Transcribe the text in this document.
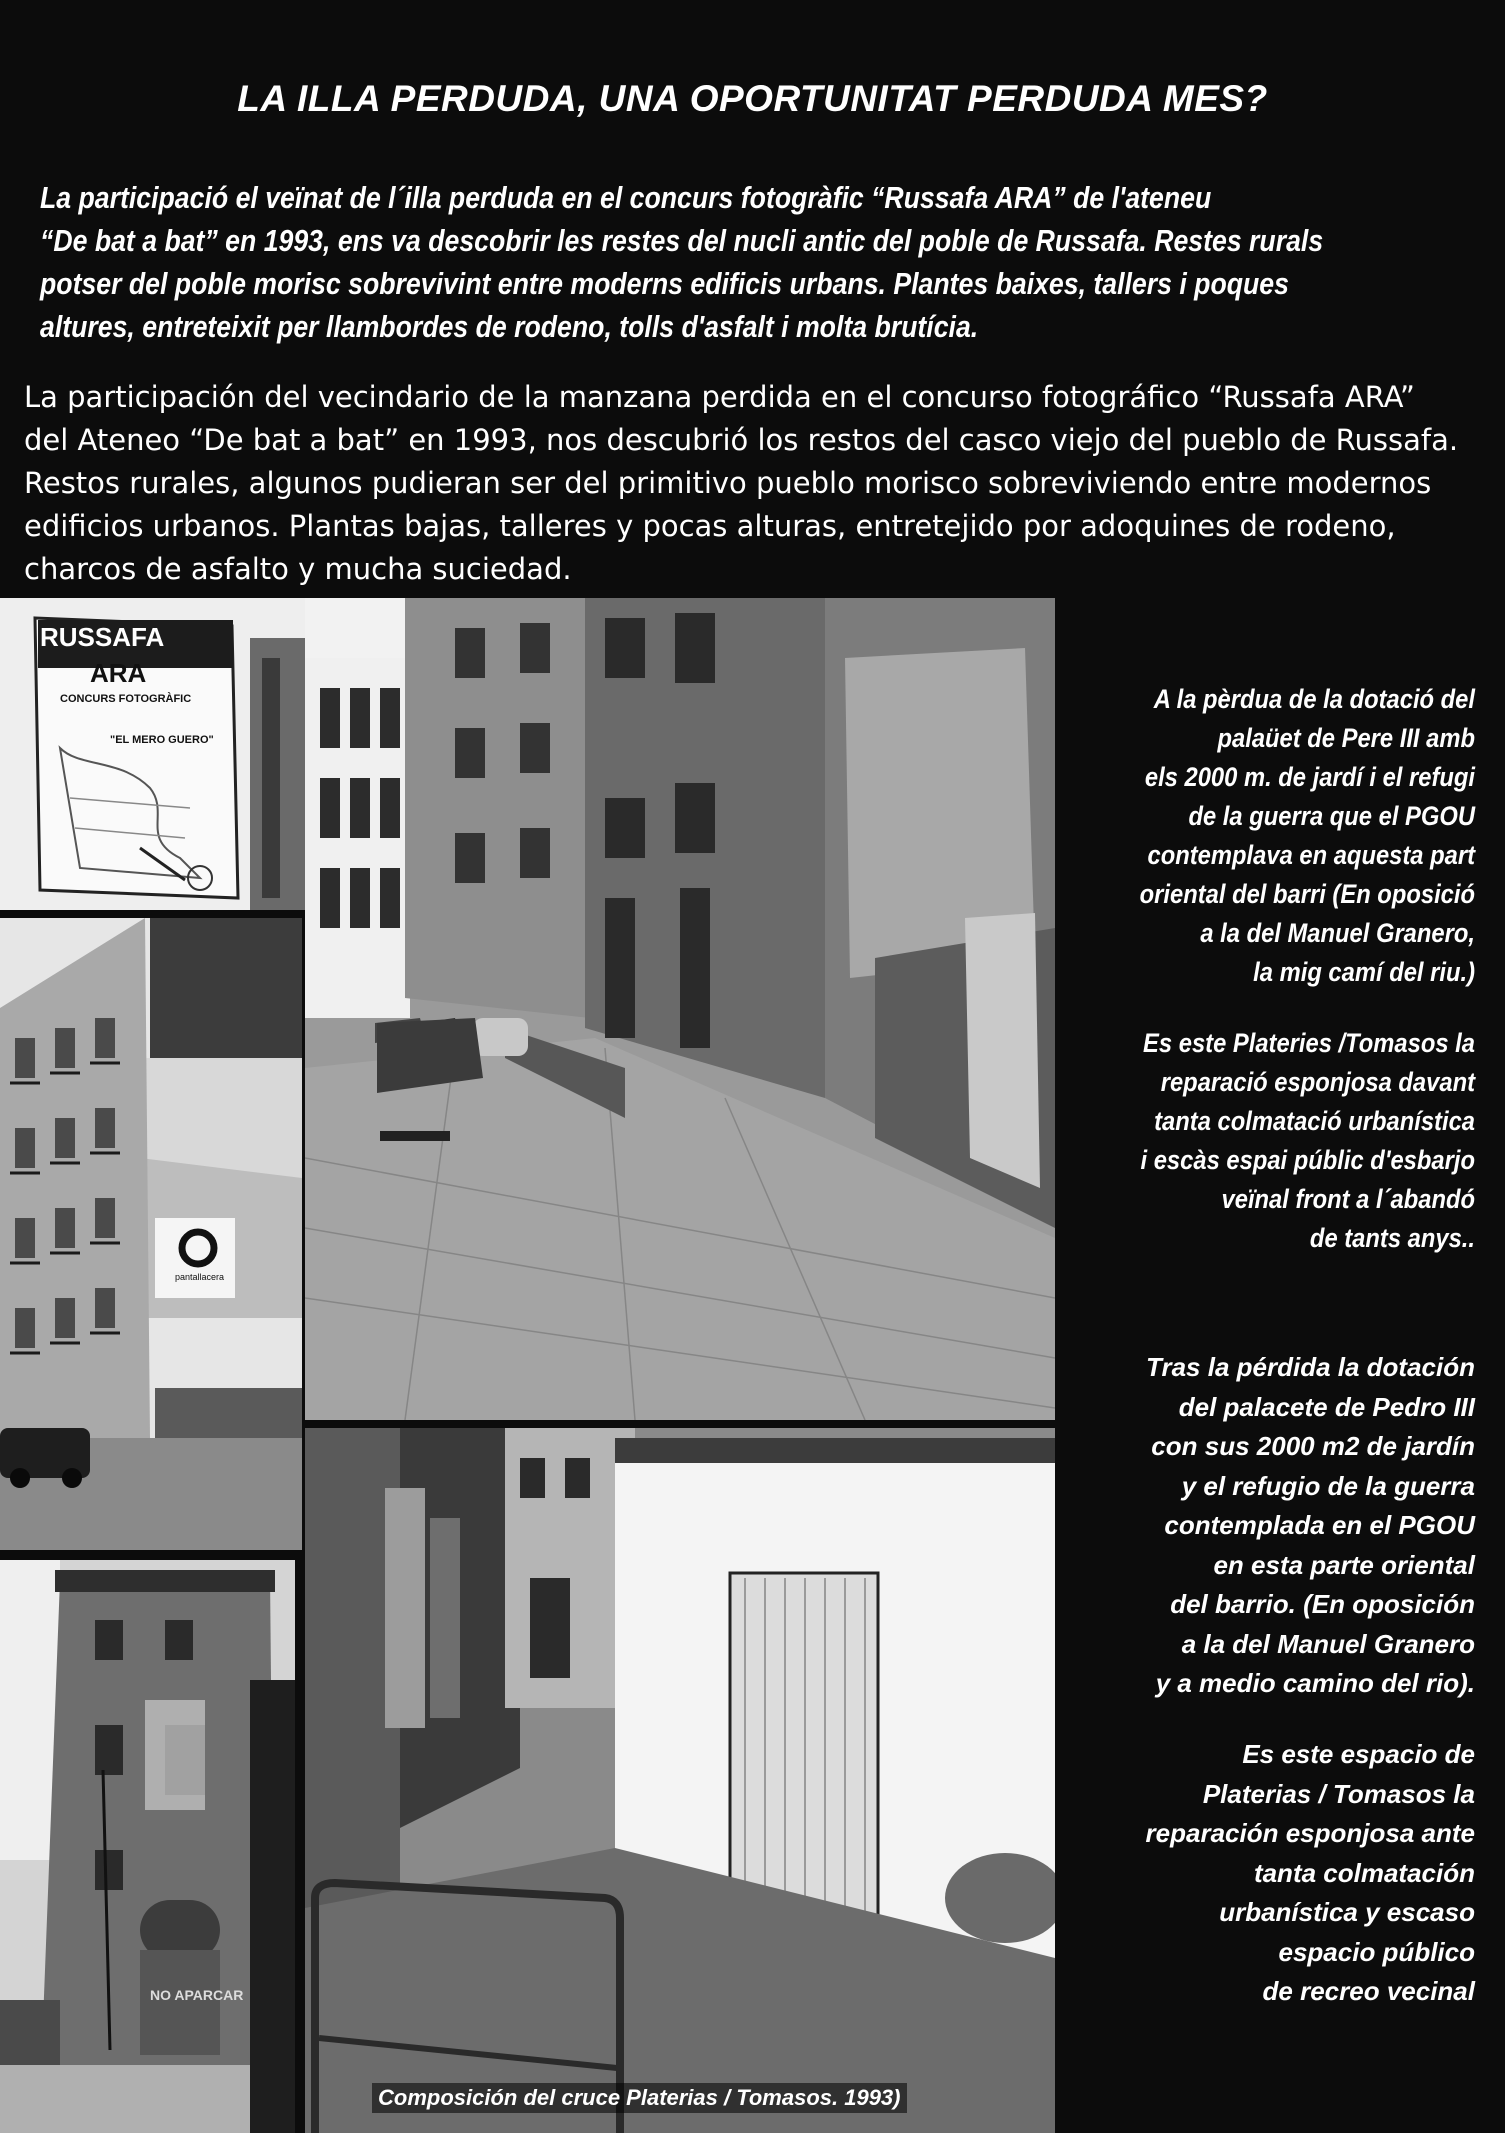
LA ILLA PERDUDA, UNA OPORTUNITAT PERDUDA MES?

La participació el veïnat de l´illa perduda en el concurs fotogràfic “Russafa ARA” de l'ateneu

“De bat a bat” en 1993, ens va descobrir les restes del nucli antic del poble de Russafa. Restes rurals

potser del poble morisc sobrevivint entre moderns edificis urbans. Plantes baixes, tallers i poques

altures, entreteixit per llambordes de rodeno, tolls d'asfalt i molta brutícia.

La participación del vecindario de la manzana perdida en el concurso fotográfico “Russafa ARA”

del Ateneo “De bat a bat” en 1993, nos descubrió los restos del casco viejo del pueblo de Russafa.

Restos rurales, algunos pudieran ser del primitivo pueblo morisco sobreviviendo entre modernos

edificios urbanos. Plantas bajas, talleres y pocas alturas, entretejido por adoquines de rodeno,

charcos de asfalto y mucha suciedad.

RUSSAFA
ARA
CONCURS FOTOGRÀFIC
"EL MERO GUERO"
pantallacera
NO APARCAR
Composición del cruce Platerias / Tomasos. 1993)

A la pèrdua de la dotació del

palaüet de Pere III amb

els 2000 m. de jardí i el refugi

de la guerra que el PGOU

contemplava en aquesta part

oriental del barri (En oposició

a la del Manuel Granero,

la mig camí del riu.)

Es este Plateries /Tomasos la

reparació esponjosa davant

tanta colmatació urbanística

i escàs espai públic d'esbarjo

veïnal front a l´abandó

de tants anys..

Tras la pérdida la dotación

del palacete de Pedro III

con sus 2000 m2 de jardín

y el refugio de la guerra

contemplada en el PGOU

en esta parte oriental

del barrio. (En oposición

a la del Manuel Granero

y a medio camino del rio).

Es este espacio de

Platerias / Tomasos la

reparación esponjosa ante

tanta colmatación

urbanística y escaso

espacio público

de recreo vecinal
